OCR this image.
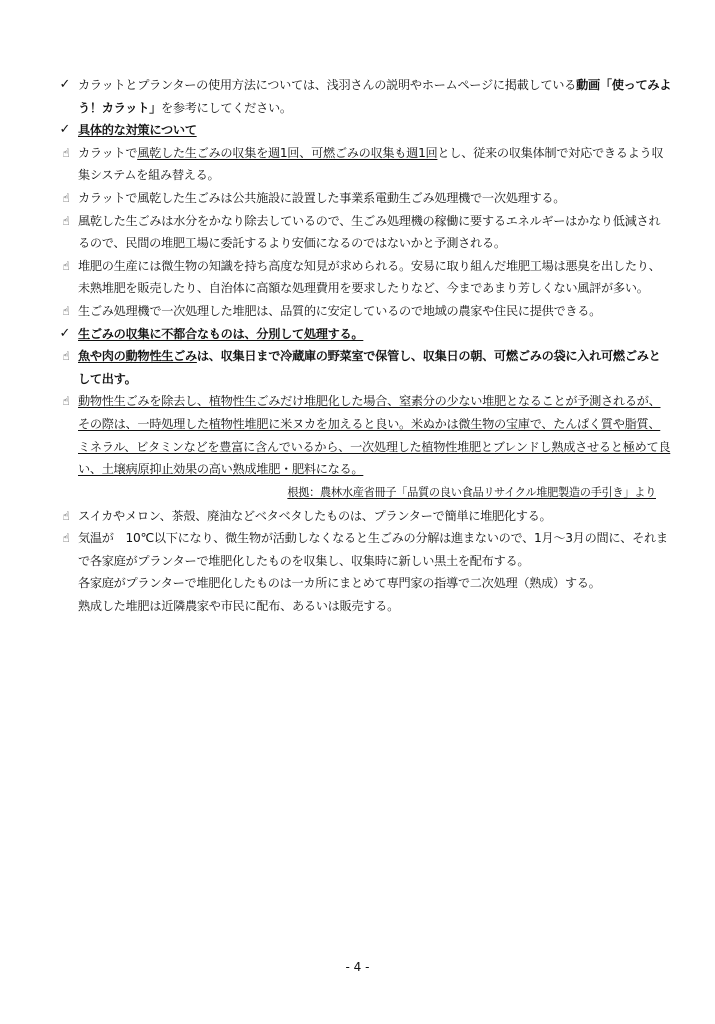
✓ カラットとプランターの使用方法については、浅羽さんの説明やホームページに掲載している動画「使ってみよう！カラット」を参考にしてください。
✓ 具体的な対策について
☝ カラットで風乾した生ごみの収集を週1回、可燃ごみの収集も週1回とし、従来の収集体制で対応できるよう収集システムを組み替える。
☝ カラットで風乾した生ごみは公共施設に設置した事業系電動生ごみ処理機で一次処理する。
☝ 風乾した生ごみは水分をかなり除去しているので、生ごみ処理機の稼働に要するエネルギーはかなり低減されるので、民間の堆肥工場に委託するより安価になるのではないかと予測される。
☝ 堆肥の生産には微生物の知識を持ち高度な知見が求められる。安易に取り組んだ堆肥工場は悪臭を出したり、未熟堆肥を販売したり、自治体に高額な処理費用を要求したりなど、今まであまり芳しくない風評が多い。
☝ 生ごみ処理機で一次処理した堆肥は、品質的に安定しているので地域の農家や住民に提供できる。
✓ 生ごみの収集に不都合なものは、分別して処理する。
☝ 魚や肉の動物性生ごみは、収集日まで冷蔵庫の野菜室で保管し、収集日の朝、可燃ごみの袋に入れ可燃ごみとして出す。
☝ 動物性生ごみを除去し、植物性生ごみだけ堆肥化した場合、窒素分の少ない堆肥となることが予測されるが、その際は、一時処理した植物性堆肥に米ヌカを加えると良い。米ぬかは微生物の宝庫で、たんぱく質や脂質、ミネラル、ビタミンなどを豊富に含んでいるから、一次処理した植物性堆肥とブレンドし熟成させると極めて良い、土壌病原抑止効果の高い熟成堆肥・肥料になる。
根拠：農林水産省冊子「品質の良い食品リサイクル堆肥製造の手引き」より
☝ スイカやメロン、茶殻、廃油などベタベタしたものは、プランターで簡単に堆肥化する。
☝ 気温が　10℃以下になり、微生物が活動しなくなると生ごみの分解は進まないので、1月～3月の間に、それまで各家庭がプランターで堆肥化したものを収集し、収集時に新しい黒土を配布する。
各家庭がプランターで堆肥化したものは一カ所にまとめて専門家の指導で二次処理（熟成）する。
熟成した堆肥は近隣農家や市民に配布、あるいは販売する。
- 4 -
